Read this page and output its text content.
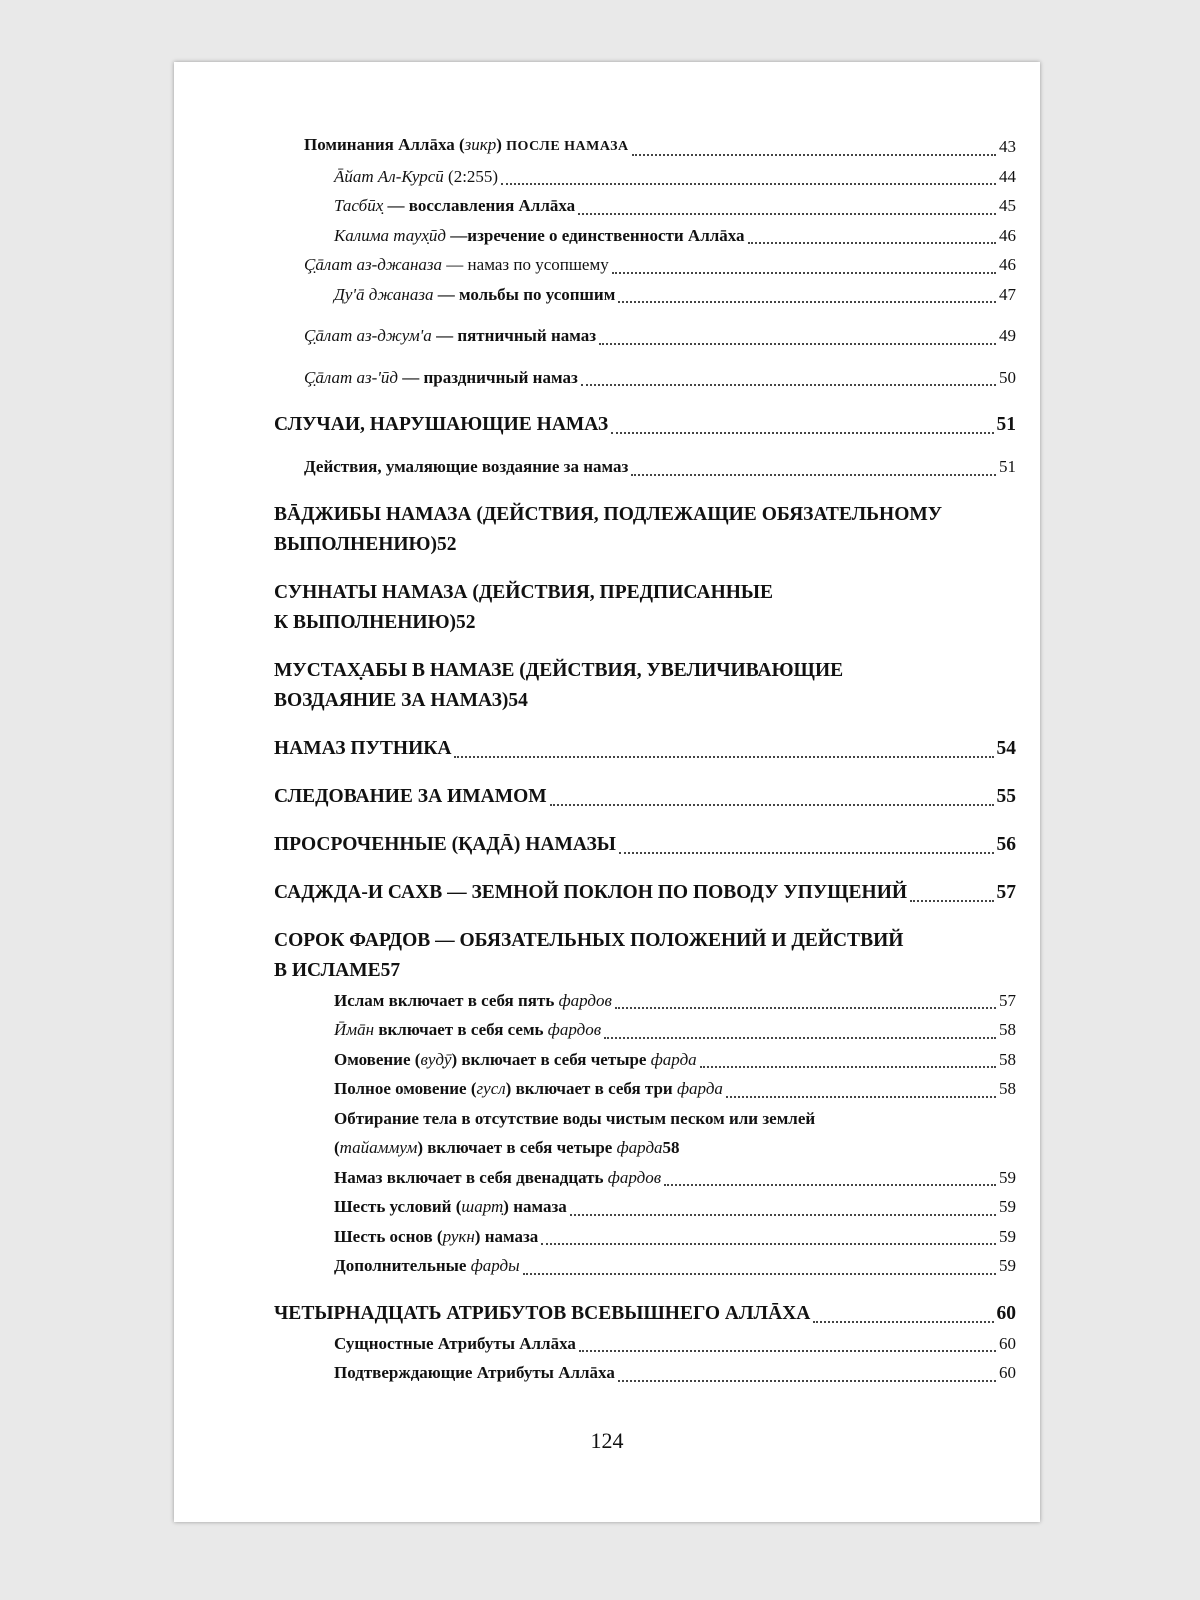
Поминания Аллāха (зикр) ПОСЛЕ НАМАЗА	43
Āйат Ал-Курсū (2:255)	44
Тасбūх̣ — восславления Аллāха	45
Калима таух̣ūд —изречение о единственности Аллāха	46
Ç̣āлат аз-джаназа — намаз по усопшему	46
Ду'ā джаназа — мольбы по усопшим	47
Ç̣āлат аз-джум'а — пятничный намаз	49
Ç̣āлат аз-'ūд — праздничный намаз	50
СЛУЧАИ, НАРУШАЮЩИЕ НАМАЗ	51
Действия, умаляющие воздаяние за намаз	51
ВĀДЖИБЫ НАМАЗА (ДЕЙСТВИЯ, ПОДЛЕЖАЩИЕ ОБЯЗАТЕЛЬНОМУ
ВЫПОЛНЕНИЮ) 52
СУННАТЫ НАМАЗА (ДЕЙСТВИЯ, ПРЕДПИСАННЫЕ
К ВЫПОЛНЕНИЮ) 52
МУСТАХ̣АБЫ В НАМАЗЕ (ДЕЙСТВИЯ, УВЕЛИЧИВАЮЩИЕ
ВОЗДАЯНИЕ ЗА НАМАЗ) 54
НАМАЗ ПУТНИКА	54
СЛЕДОВАНИЕ ЗА ИМАМОМ	55
ПРОСРОЧЕННЫЕ (ҚАДĀ) НАМАЗЫ	56
САДЖДА-И САХВ — ЗЕМНОЙ ПОКЛОН ПО ПОВОДУ УПУЩЕНИЙ	57
СОРОК ФАРДОВ — ОБЯЗАТЕЛЬНЫХ ПОЛОЖЕНИЙ И ДЕЙСТВИЙ
В ИСЛАМЕ 57
Ислам включает в себя пять фардов	57
Ӣмāн включает в себя семь фардов	58
Омовение (вуд̣ӯ) включает в себя четыре фарда	58
Полное омовение (гусл) включает в себя три фарда	58
Обтирание тела в отсутствие воды чистым песком или землей
(тайаммум) включает в себя четыре фарда 58
Намаз включает в себя двенадцать фардов	59
Шесть условий (шарт̣) намаза	59
Шесть основ (рукн) намаза	59
Дополнительные фарды	59
ЧЕТЫРНАДЦАТЬ АТРИБУТОВ ВСЕВЫШНЕГО АЛЛĀХА	60
Сущностные Атрибуты Аллāха	60
Подтверждающие Атрибуты Аллāха	60
124
